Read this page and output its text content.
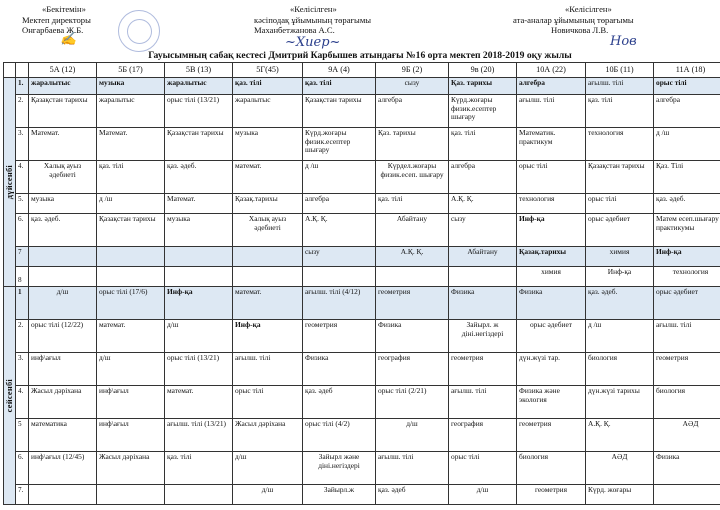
«Бекітемін»
Мектеп директоры
Онгарбаева Ж.Б.
✍
«Келісілген»
кәсіподақ ұйымының төрағымы
Маханбетжанова А.С.
~Хиер~
«Келісілген»
ата-аналар ұйымының төрағымы
Новичкова Л.В.
Нов
Гауысымның сабақ кестесі Дмитрий Карбышев атындағы №16 орта мектеп 2018-2019 оқу жылы
		5А (12)	5Б (17)	5В (13)	5Г(45)	9А (4)	9Б (2)	9в (20)	10А (22)	10Б (11)	11А (18)

дүйсенбі	1.	жаралытыс	музыка	жаралытыс	қаз. тілі	қаз. тілі	сызу	Қаз. тарихы	алгебра	ағылш. тілі	орыс тілі
	2.	Қазақстан тарихы	жаралытыс	орыс тілі (13/21)	жаралытыс	Қазақстан тарихы	алгебра	Күрд.жоғары физик.есептер шығару	ағылш. тілі	қаз. тілі	алгебра
	3.	Математ.	Математ.	Қазақстан тарихы	музыка	Күрд.жоғары физик.есептер шығару	Қаз. тарихы	қаз. тілі	Математик. практикум	технология	д /ш
	4.	Халық ауыз әдебиеті	қаз. тілі	қаз. әдеб.	математ.	д /ш	Күрдел.жоғары физик.есеп. шығару	алгебра	орыс тілі	Қазақстан тарихы	Қаз. Тілі
	5.	музыка	д /ш	Математ.	Қазақ.тарихы	алгебра	қаз. тілі	А.Қ. Қ.	технология	орыс тілі	қаз. әдеб.
	6.	қаз. әдеб.	Қазақстан тарихы	музыка	Халық ауыз әдебиеті	А.Қ. Қ.	Абайтану	сызу	Инф-қа	орыс әдебиет	Матем есеп.шығару практикумы
	7					сызу	А.Қ. Қ.	Абайтану	Қазақ.тарихы	химия	Инф-қа
	8								химия	Инф-қа	технология

сейсенбі	1	д/ш	орыс тілі (17/6)	Инф-қа	математ.	ағылш. тілі (4/12)	геометрия	Физика	Физика	қаз. әдеб.	орыс әдебиет
	2.	орыс тілі (12/22)	математ.	д/ш	Инф-қа	геометрия	Физика	Зайырл. ж діні.негіздері	орыс әдебиет	д /ш	ағылш. тілі
	3.	инф\ағыл	д/ш	орыс тілі (13/21)	ағылш. тілі	Физика	география	геометрия	дүн.жүзі тар.	биология	геометрия
	4.	Жасыл дәрiхана	инф\ағыл	математ.	орыс тілі	қаз. әдеб	орыс тілі (2/21)	ағылш. тілі	Физика және экология	дүн.жүзі тарихы	биология
	5	математика	инф\ағыл	ағылш. тілі (13/21)	Жасыл дәрiхана	орыс тілі (4/2)	д/ш	география	геометрия	А.Қ. Қ.	АӘД
	6.	инф\ағыл (12/45)	Жасыл дәрiхана	қаз. тілі	д/ш	Зайырл және діні.негіздері	ағылш. тілі	орыс тілі	биология	АӘД	Физика
	7.				д/ш	Зайырл.ж	қаз. әдеб	д/ш	геометрия	Күрд. жоғары	
